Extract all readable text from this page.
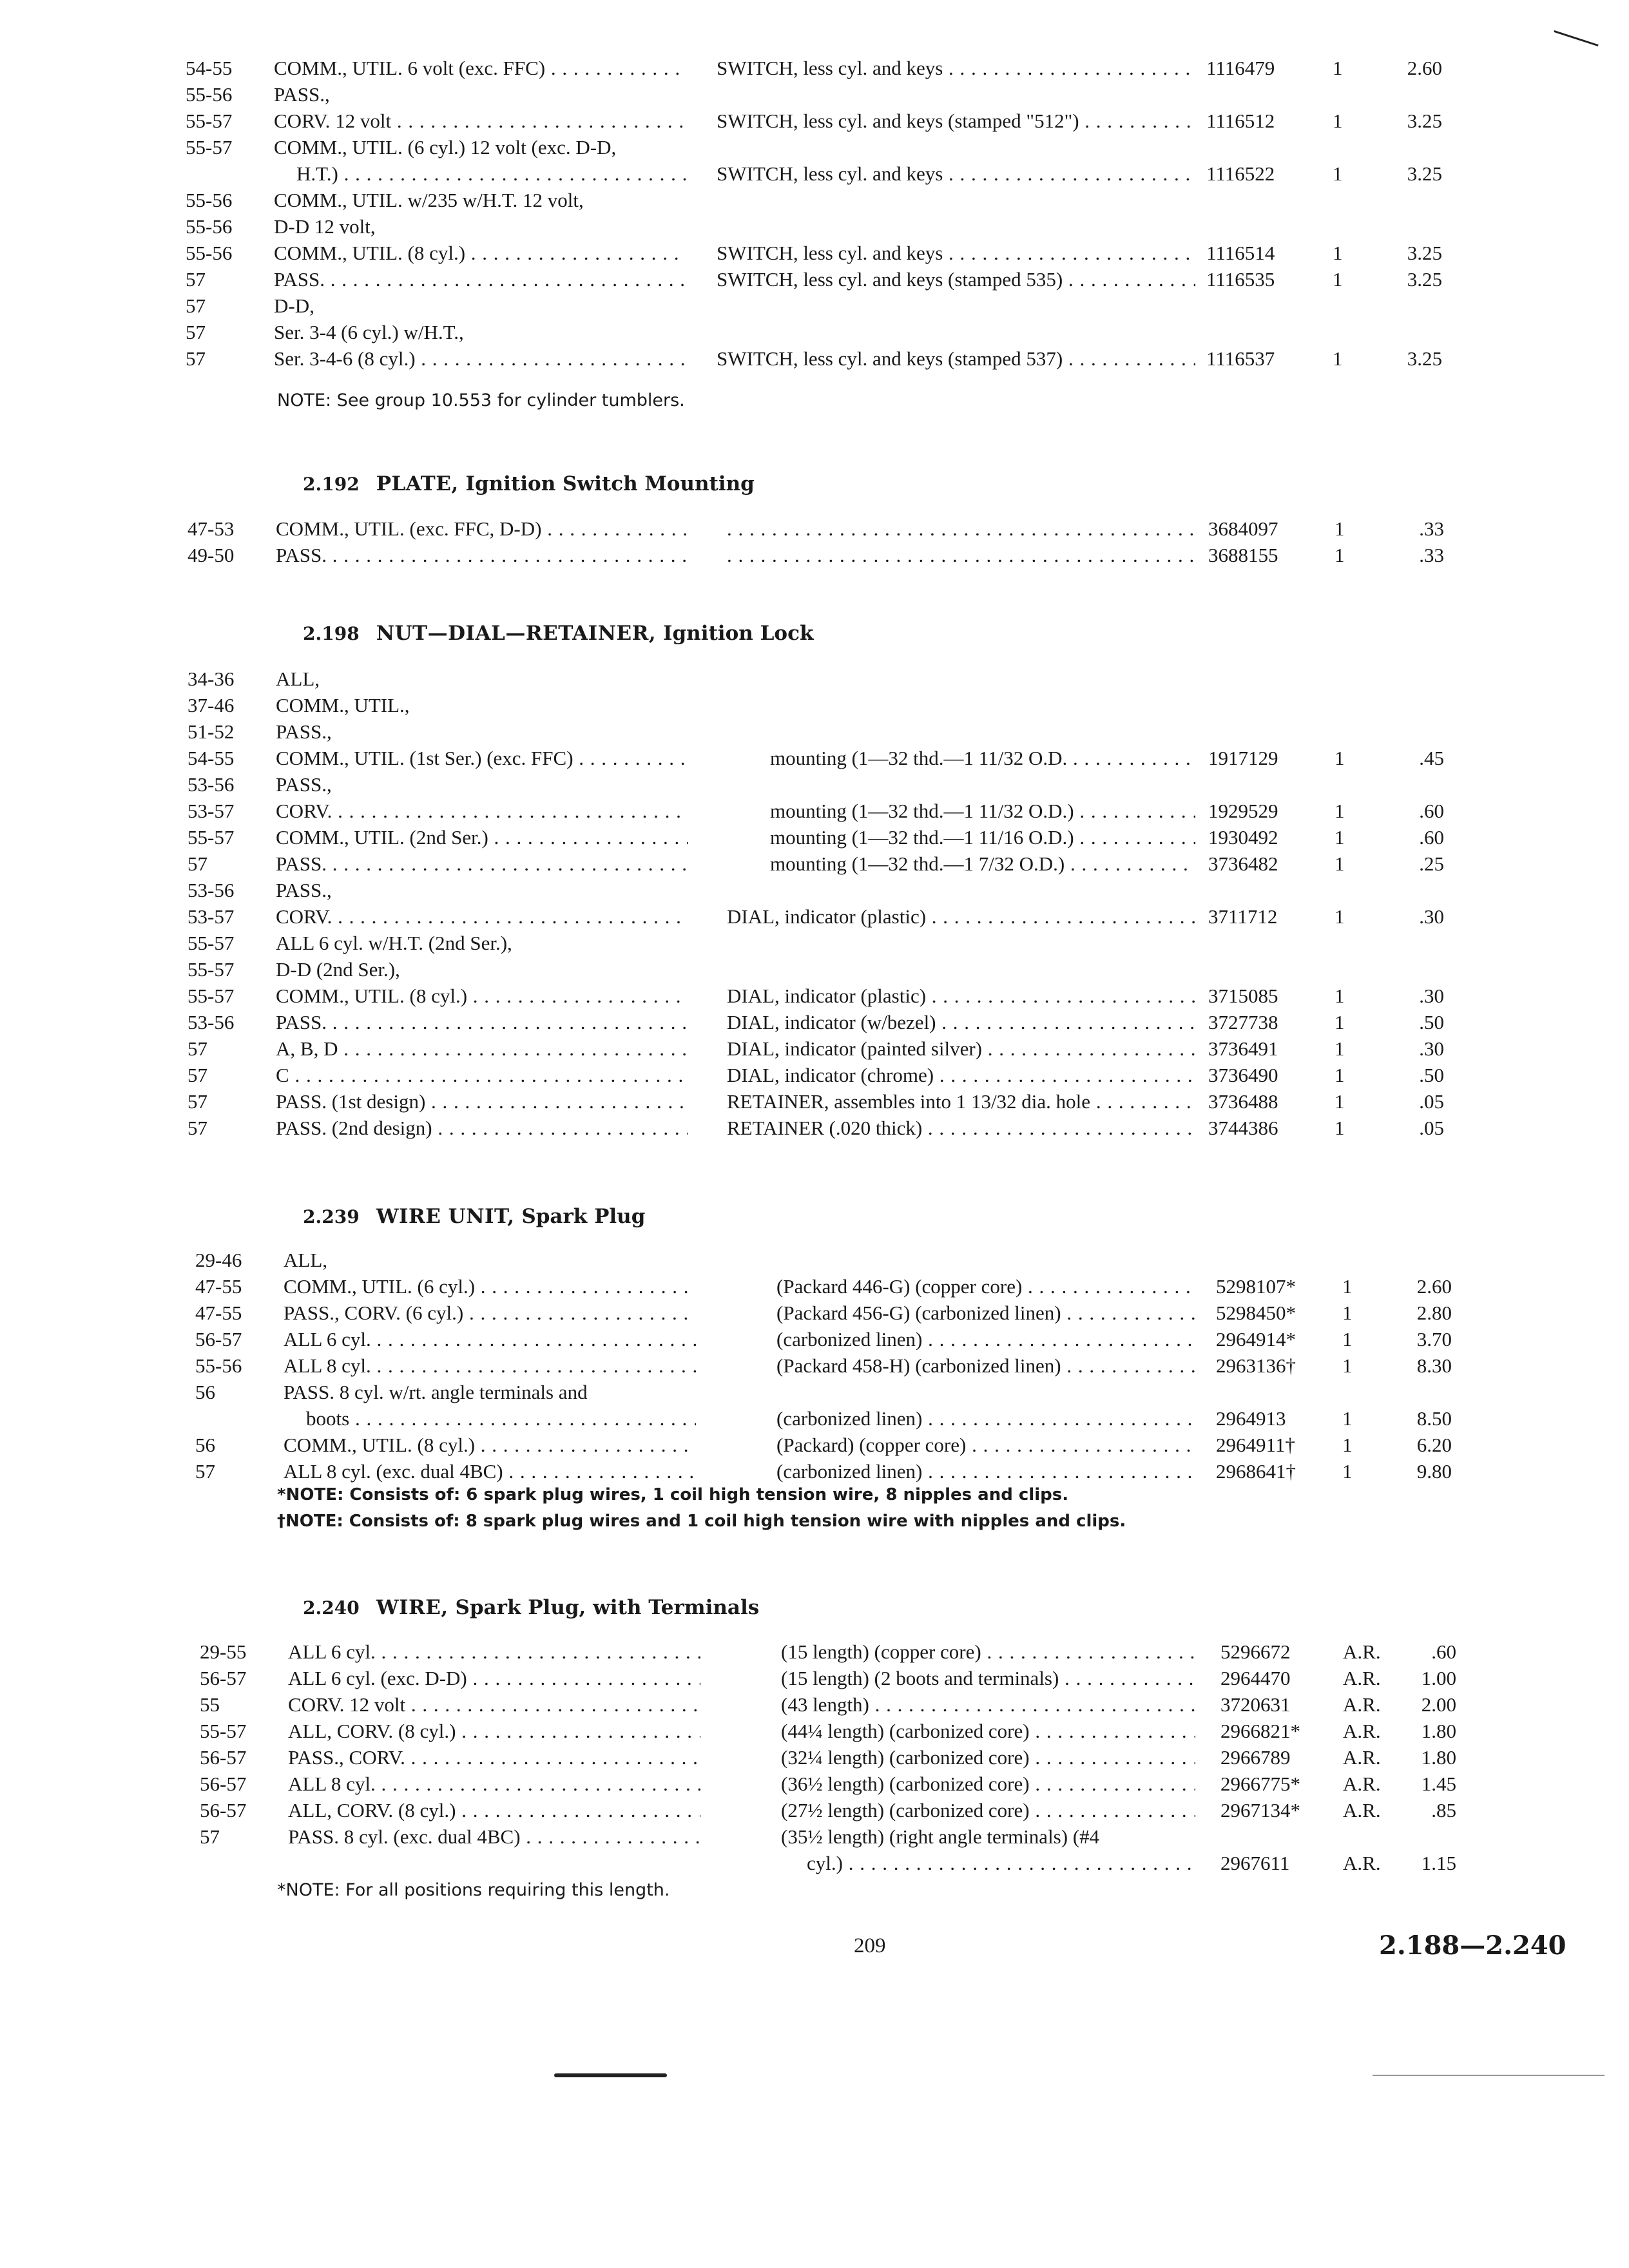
54-55 COMM., UTIL. 6 volt (exc. FFC) . . .	SWITCH, less cyl. and keys . . .	1116479	1	2.60
55-56 PASS.,
55-57 CORV. 12 volt . . .	SWITCH, less cyl. and keys (stamped "512") . . .	1116512	1	3.25
55-57 COMM., UTIL. (6 cyl.) 12 volt (exc. D-D,
H.T.) . . .	SWITCH, less cyl. and keys . . .	1116522	1	3.25
55-56 COMM., UTIL. w/235 w/H.T. 12 volt,
55-56 D-D 12 volt,
55-56 COMM., UTIL. (8 cyl.) . . .	SWITCH, less cyl. and keys . . .	1116514	1	3.25
57	PASS. . . .	SWITCH, less cyl. and keys (stamped 535) . . .	1116535	1	3.25
57	D-D,
57	Ser. 3-4 (6 cyl.) w/H.T.,
57	Ser. 3-4-6 (8 cyl.) . . .	SWITCH, less cyl. and keys (stamped 537) . . .	1116537	1	3.25
NOTE: See group 10.553 for cylinder tumblers.
2.192 PLATE, Ignition Switch Mounting
47-53 COMM., UTIL. (exc. FFC, D-D) . . . . . .	3684097	1	.33
49-50 PASS. . . . . . .	3688155	1	.33
2.198 NUT—DIAL—RETAINER, Ignition Lock
34-36 ALL,
37-46 COMM., UTIL.,
51-52 PASS.,
54-55 COMM., UTIL. (1st Ser.) (exc. FFC) . . .	mounting (1—32 thd.—1 11/32 O.D. . . .	1917129	1	.45
53-56 PASS.,
53-57 CORV. . . .	mounting (1—32 thd.—1 11/32 O.D.) . . .	1929529	1	.60
55-57 COMM., UTIL. (2nd Ser.) . . .	mounting (1—32 thd.—1 11/16 O.D.) . . .	1930492	1	.60
57	PASS. . . .	mounting (1—32 thd.—1 7/32 O.D.) . . .	3736482	1	.25
53-56 PASS.,
53-57 CORV. . . .	DIAL, indicator (plastic) . . .	3711712	1	.30
55-57 ALL 6 cyl. w/H.T. (2nd Ser.),
55-57 D-D (2nd Ser.),
55-57 COMM., UTIL. (8 cyl.) . . .	DIAL, indicator (plastic) . . .	3715085	1	.30
53-56 PASS. . . .	DIAL, indicator (w/bezel) . . .	3727738	1	.50
57	A, B, D . . .	DIAL, indicator (painted silver) . . .	3736491	1	.30
57	C . . .	DIAL, indicator (chrome) . . .	3736490	1	.50
57	PASS. (1st design) . . .	RETAINER, assembles into 1 13/32 dia. hole . . .	3736488	1	.05
57	PASS. (2nd design) . . .	RETAINER (.020 thick) . . .	3744386	1	.05
2.239 WIRE UNIT, Spark Plug
29-46 ALL,
47-55 COMM., UTIL. (6 cyl.) . . .	(Packard 446-G) (copper core) . . .	5298107* 1	2.60
47-55 PASS., CORV. (6 cyl.) . . .	(Packard 456-G) (carbonized linen) . . .	5298450* 1	2.80
56-57 ALL 6 cyl. . . .	(carbonized linen) . . .	2964914* 1	3.70
55-56 ALL 8 cyl. . . .	(Packard 458-H) (carbonized linen) . . .	2963136† 1	8.30
56	PASS. 8 cyl. w/rt. angle terminals and
boots . . .	(carbonized linen) . . .	2964913	1	8.50
56	COMM., UTIL. (8 cyl.) . . .	(Packard) (copper core) . . .	2964911† 1	6.20
57	ALL 8 cyl. (exc. dual 4BC) . . .	(carbonized linen) . . .	2968641† 1	9.80
*NOTE: Consists of: 6 spark plug wires, 1 coil high tension wire, 8 nipples and clips.
†NOTE: Consists of: 8 spark plug wires and 1 coil high tension wire with nipples and clips.
2.240 WIRE, Spark Plug, with Terminals
29-55 ALL 6 cyl. . . .	(15 length) (copper core) . . .	5296672	A.R.	.60
56-57 ALL 6 cyl. (exc. D-D) . . .	(15 length) (2 boots and terminals) . . .	2964470	A.R. 1.00
55	CORV. 12 volt . . .	(43 length) . . .	3720631	A.R. 2.00
55-57 ALL, CORV. (8 cyl.) . . .	(44¼ length) (carbonized core) . . .	2966821* A.R. 1.80
56-57 PASS., CORV. . . .	(32¼ length) (carbonized core) . . .	2966789	A.R. 1.80
56-57 ALL 8 cyl. . . .	(36½ length) (carbonized core) . . .	2966775* A.R. 1.45
56-57 ALL, CORV. (8 cyl.) . . .	(27½ length) (carbonized core) . . .	2967134* A.R.	.85
57	PASS. 8 cyl. (exc. dual 4BC) . . .	(35½ length) (right angle terminals) (#4
cyl.) . . .	2967611	A.R. 1.15
*NOTE: For all positions requiring this length.
209	2.188—2.240
